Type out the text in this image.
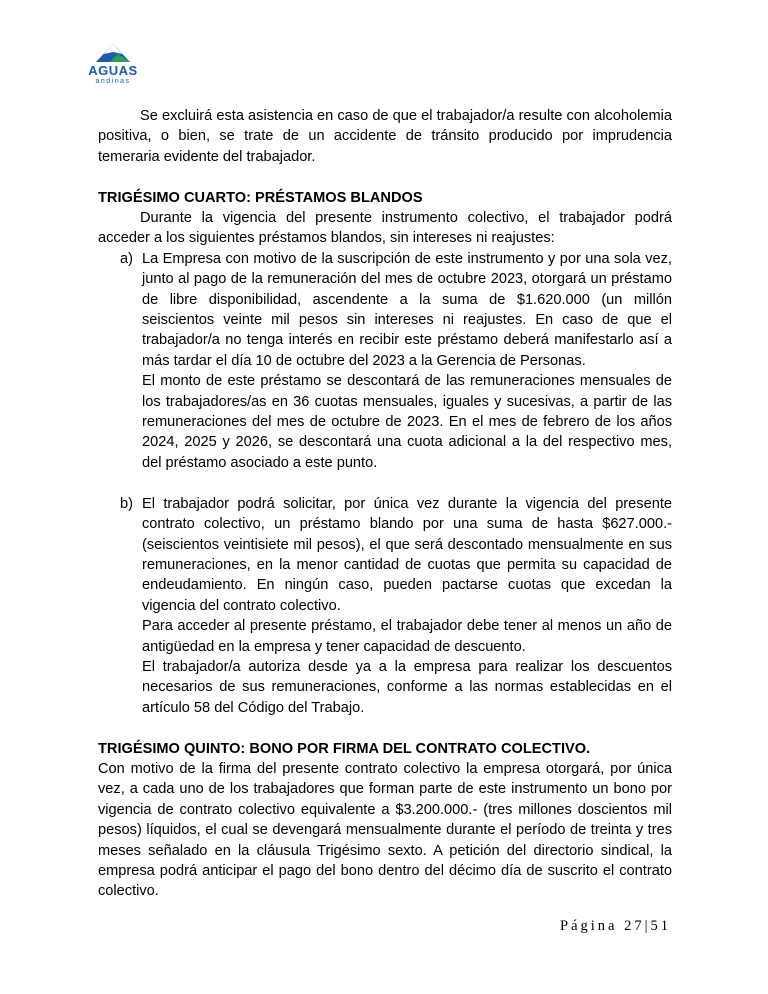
AGUAS
andinas

Se excluirá esta asistencia en caso de que el trabajador/a resulte con alcoholemia positiva, o bien, se trate de un accidente de tránsito producido por imprudencia temeraria evidente del trabajador.

TRIGÉSIMO CUARTO: PRÉSTAMOS BLANDOS

Durante la vigencia del presente instrumento colectivo, el trabajador podrá acceder a los siguientes préstamos blandos, sin intereses ni reajustes:

a) La Empresa con motivo de la suscripción de este instrumento y por una sola vez, junto al pago de la remuneración del mes de octubre 2023, otorgará un préstamo de libre disponibilidad, ascendente a la suma de $1.620.000 (un millón seiscientos veinte mil pesos sin intereses ni reajustes. En caso de que el trabajador/a no tenga interés en recibir este préstamo deberá manifestarlo así a más tardar el día 10 de octubre del 2023 a la Gerencia de Personas.

El monto de este préstamo se descontará de las remuneraciones mensuales de los trabajadores/as en 36 cuotas mensuales, iguales y sucesivas, a partir de las remuneraciones del mes de octubre de 2023. En el mes de febrero de los años 2024, 2025 y 2026, se descontará una cuota adicional a la del respectivo mes, del préstamo asociado a este punto.

b) El trabajador podrá solicitar, por única vez durante la vigencia del presente contrato colectivo, un préstamo blando por una suma de hasta $627.000.- (seiscientos veintisiete mil pesos), el que será descontado mensualmente en sus remuneraciones, en la menor cantidad de cuotas que permita su capacidad de endeudamiento. En ningún caso, pueden pactarse cuotas que excedan la vigencia del contrato colectivo.

Para acceder al presente préstamo, el trabajador debe tener al menos un año de antigüedad en la empresa y tener capacidad de descuento.

El trabajador/a autoriza desde ya a la empresa para realizar los descuentos necesarios de sus remuneraciones, conforme a las normas establecidas en el artículo 58 del Código del Trabajo.

TRIGÉSIMO QUINTO: BONO POR FIRMA DEL CONTRATO COLECTIVO.

Con motivo de la firma del presente contrato colectivo la empresa otorgará, por única vez, a cada uno de los trabajadores que forman parte de este instrumento un bono por vigencia de contrato colectivo equivalente a $3.200.000.- (tres millones doscientos mil pesos) líquidos, el cual se devengará mensualmente durante el período de treinta y tres meses señalado en la cláusula Trigésimo sexto. A petición del directorio sindical, la empresa podrá anticipar el pago del bono dentro del décimo día de suscrito el contrato colectivo.

Página 27|51
